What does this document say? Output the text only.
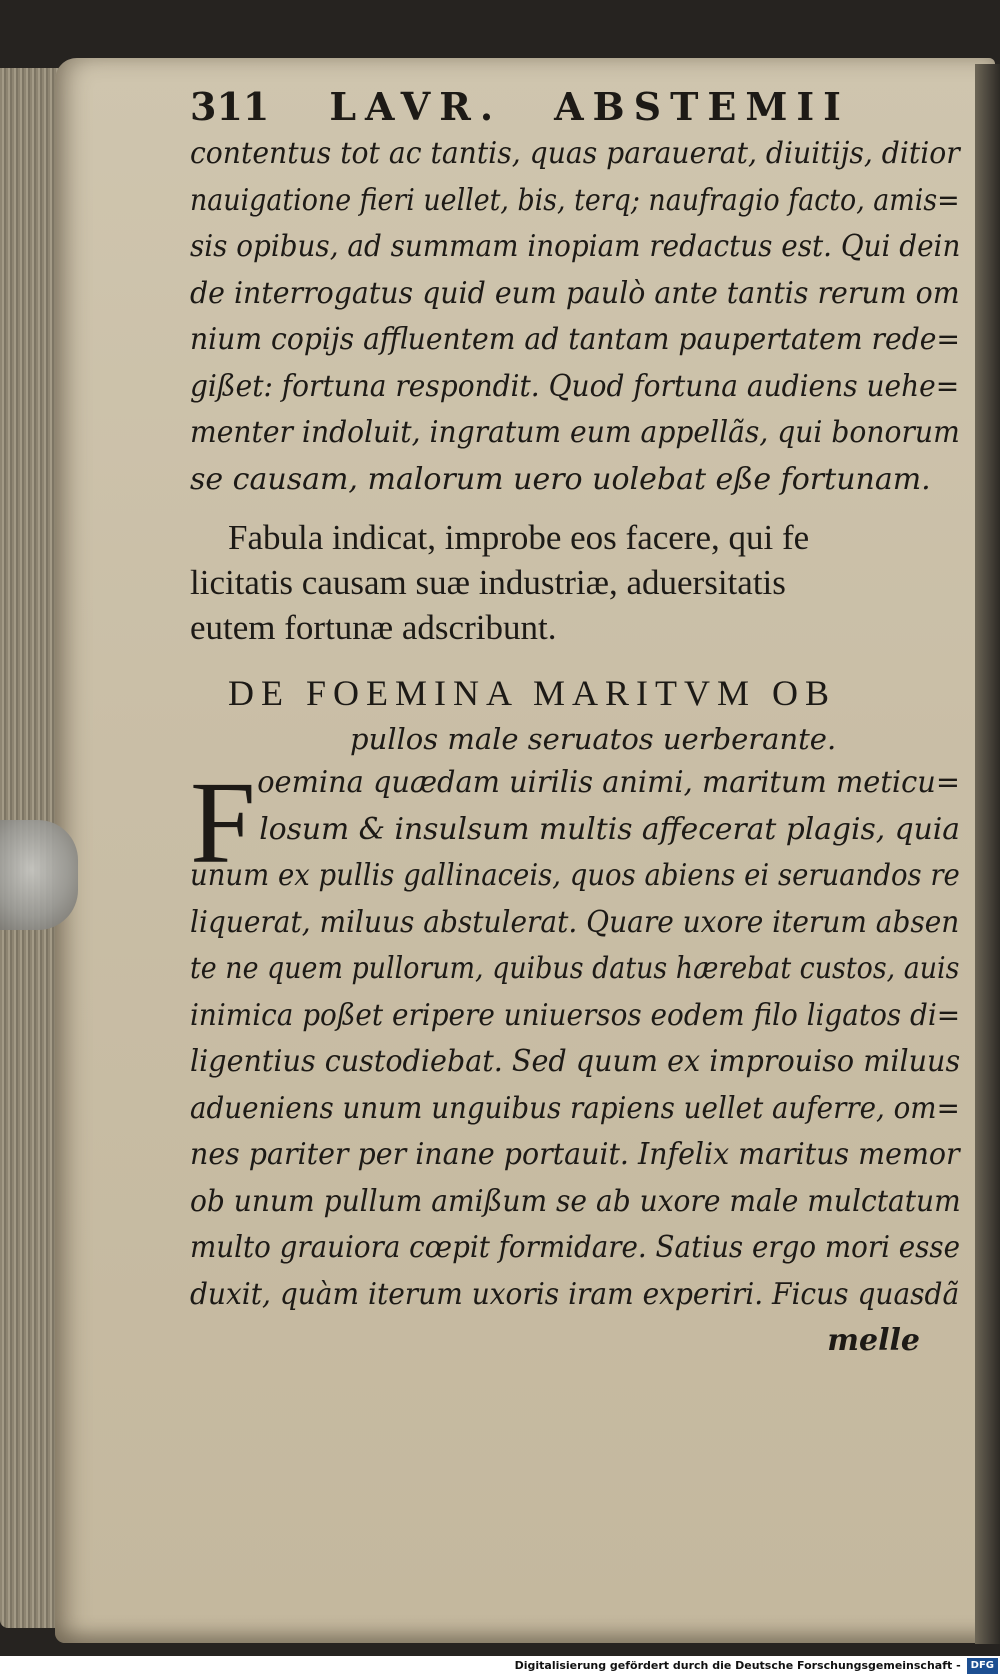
311 LAVR. ABSTEMII
contentus tot ac tantis, quas parauerat, diuitijs, ditior
nauigatione fieri uellet, bis, terq; naufragio facto, amis=
sis opibus, ad summam inopiam redactus est. Qui dein
de interrogatus quid eum paulò ante tantis rerum om
nium copijs affluentem ad tantam paupertatem rede=
gißet: fortuna respondit. Quod fortuna audiens uehe=
menter indoluit, ingratum eum appellãs, qui bonorum
se causam, malorum uero uolebat eße fortunam.
Fabula indicat, improbe eos facere, qui fe
licitatis causam suæ industriæ, aduersitatis
eutem fortunæ adscribunt.
DE FOEMINA MARITVM OB
pullos male seruatos uerberante.
oemina quædam uirilis animi, maritum meticu=
losum & insulsum multis affecerat plagis, quia
unum ex pullis gallinaceis, quos abiens ei seruandos re
liquerat, miluus abstulerat. Quare uxore iterum absen
te ne quem pullorum, quibus datus hærebat custos, auis
inimica poßet eripere uniuersos eodem filo ligatos di=
ligentius custodiebat. Sed quum ex improuiso miluus
adueniens unum unguibus rapiens uellet auferre, om=
nes pariter per inane portauit. Infelix maritus memor
ob unum pullum amißum se ab uxore male mulctatum
multo grauiora cœpit formidare. Satius ergo mori esse
duxit, quàm iterum uxoris iram experiri. Ficus quasdã
melle
F
Digitalisierung gefördert durch die Deutsche Forschungsgemeinschaft - DFG
